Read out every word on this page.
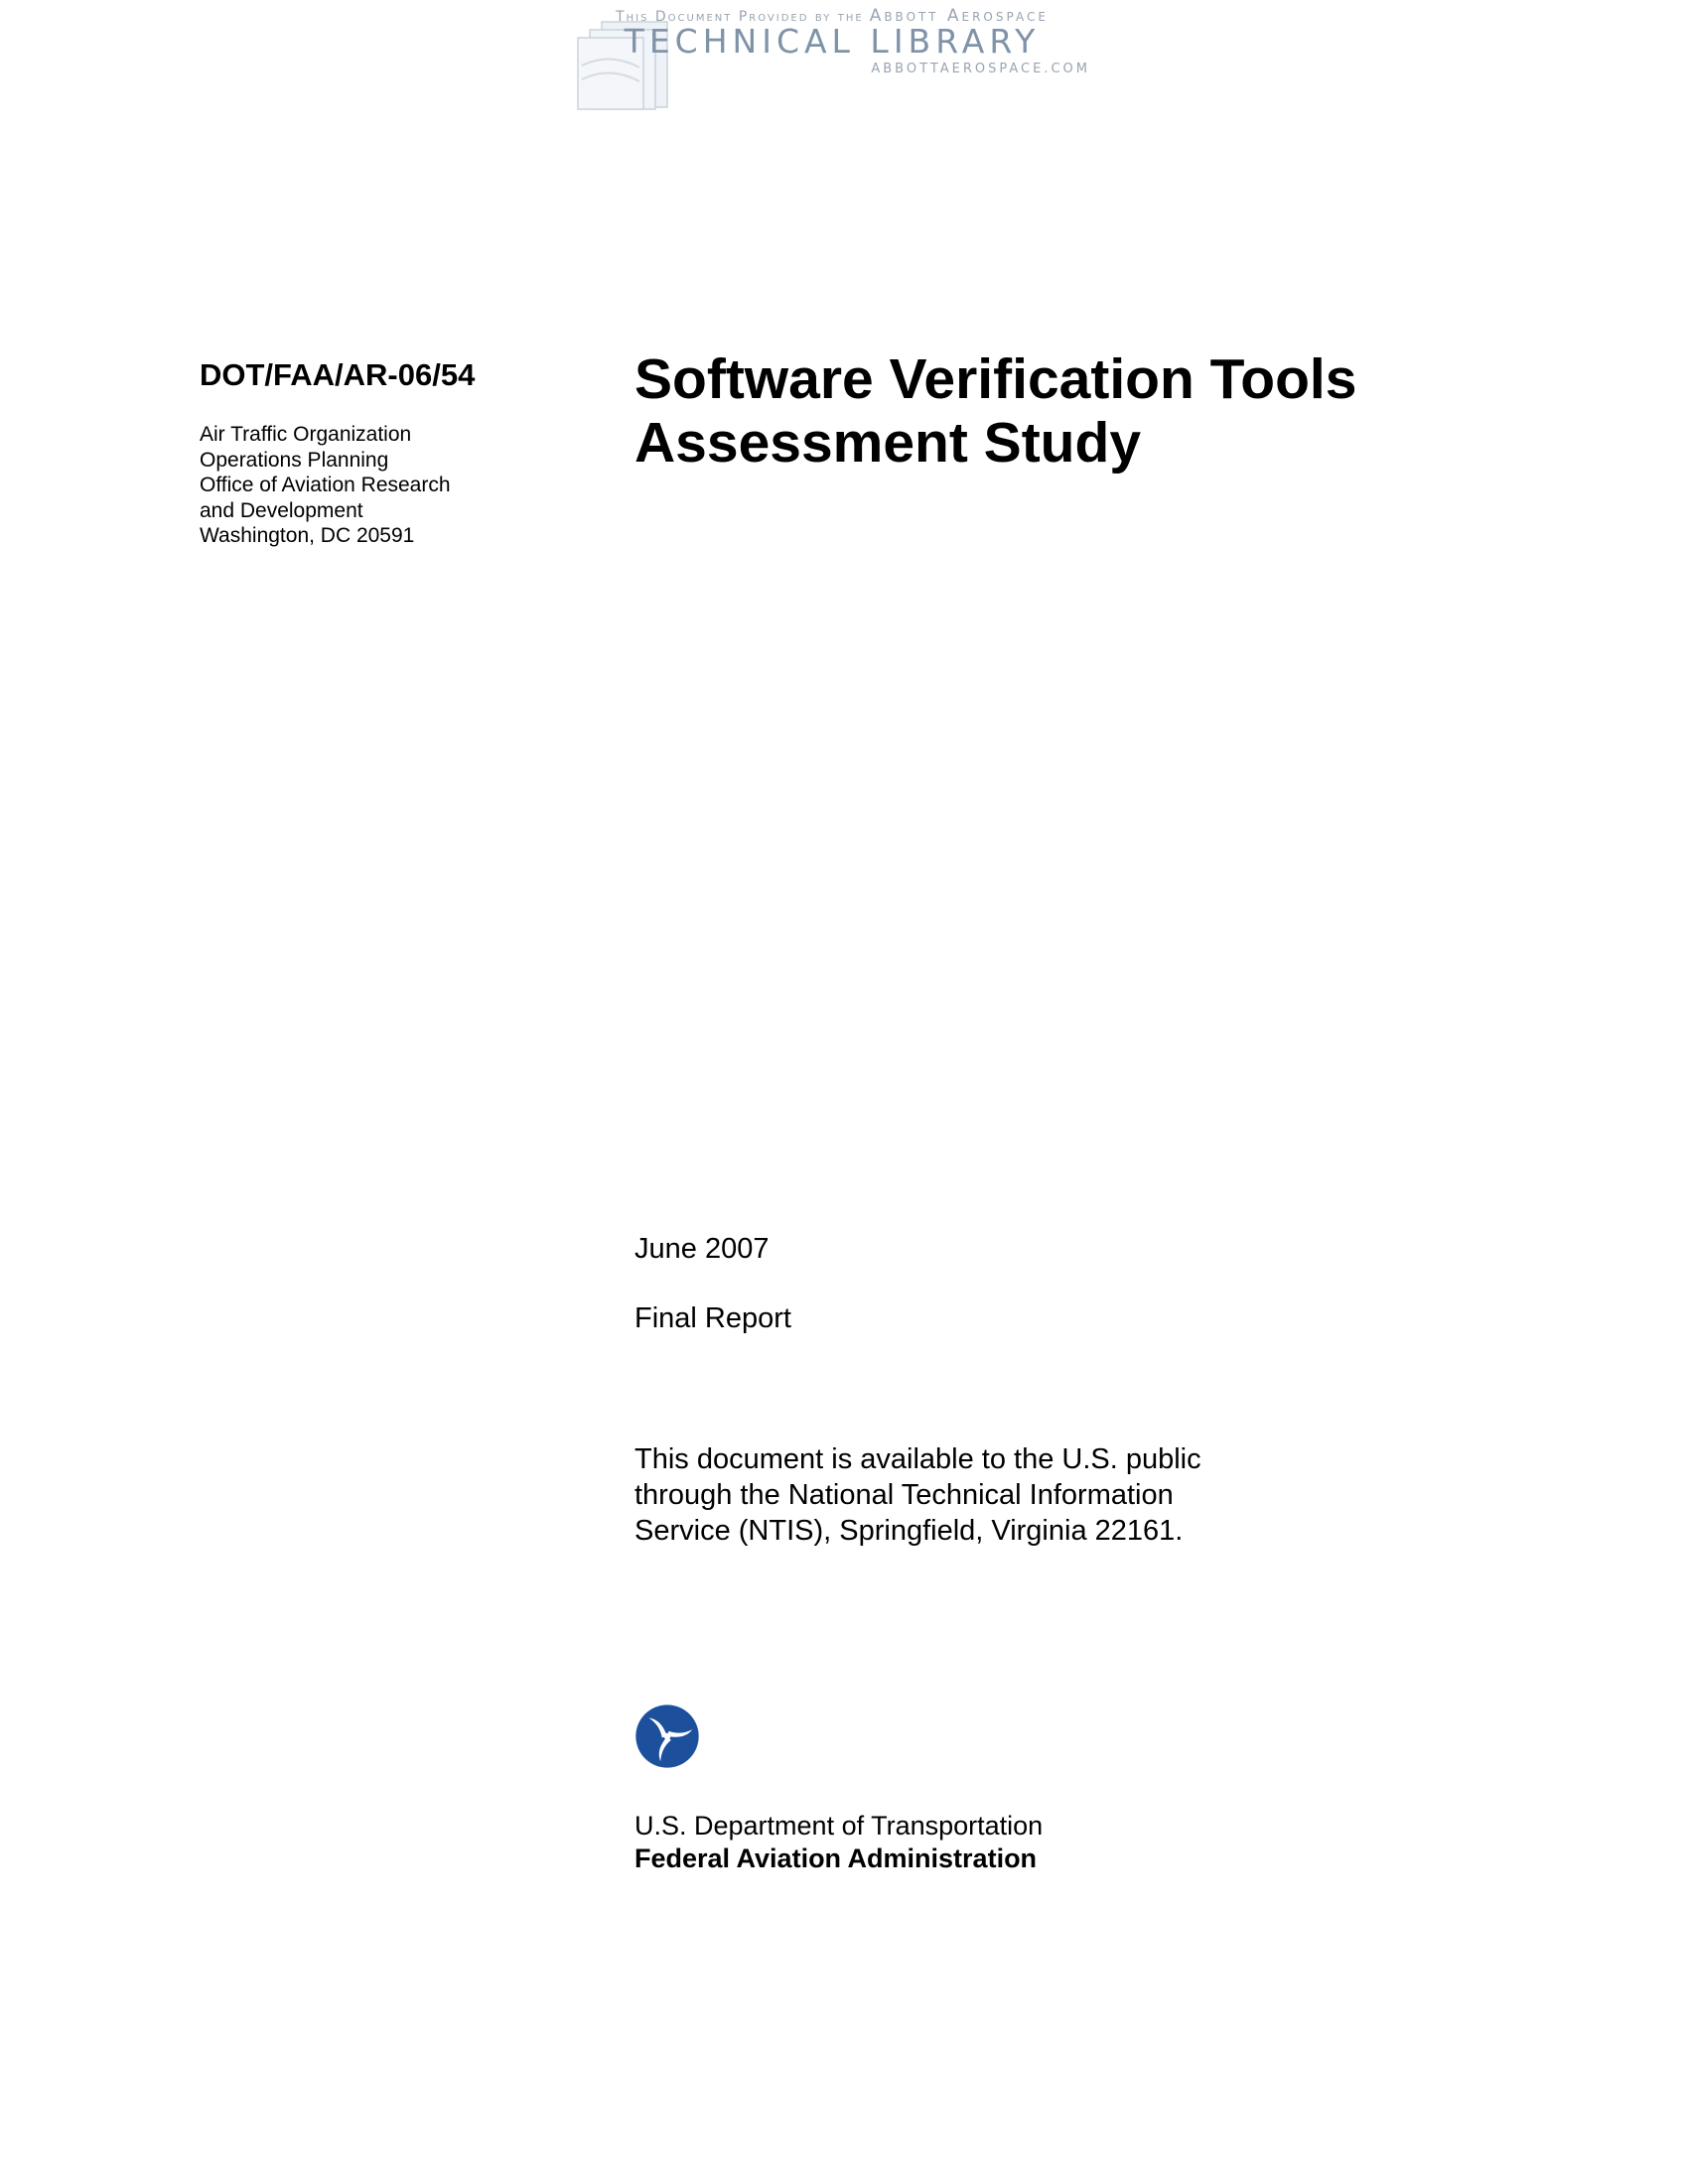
This Document Provided by the Abbott Aerospace
TECHNICAL LIBRARY
ABBOTTAEROSPACE.COM
DOT/FAA/AR-06/54
Air Traffic Organization
Operations Planning
Office of Aviation Research
and Development
Washington, DC 20591
Software Verification Tools
Assessment Study
June 2007
Final Report
This document is available to the U.S. public
through the National Technical Information
Service (NTIS), Springfield, Virginia 22161.
U.S. Department of Transportation
Federal Aviation Administration
